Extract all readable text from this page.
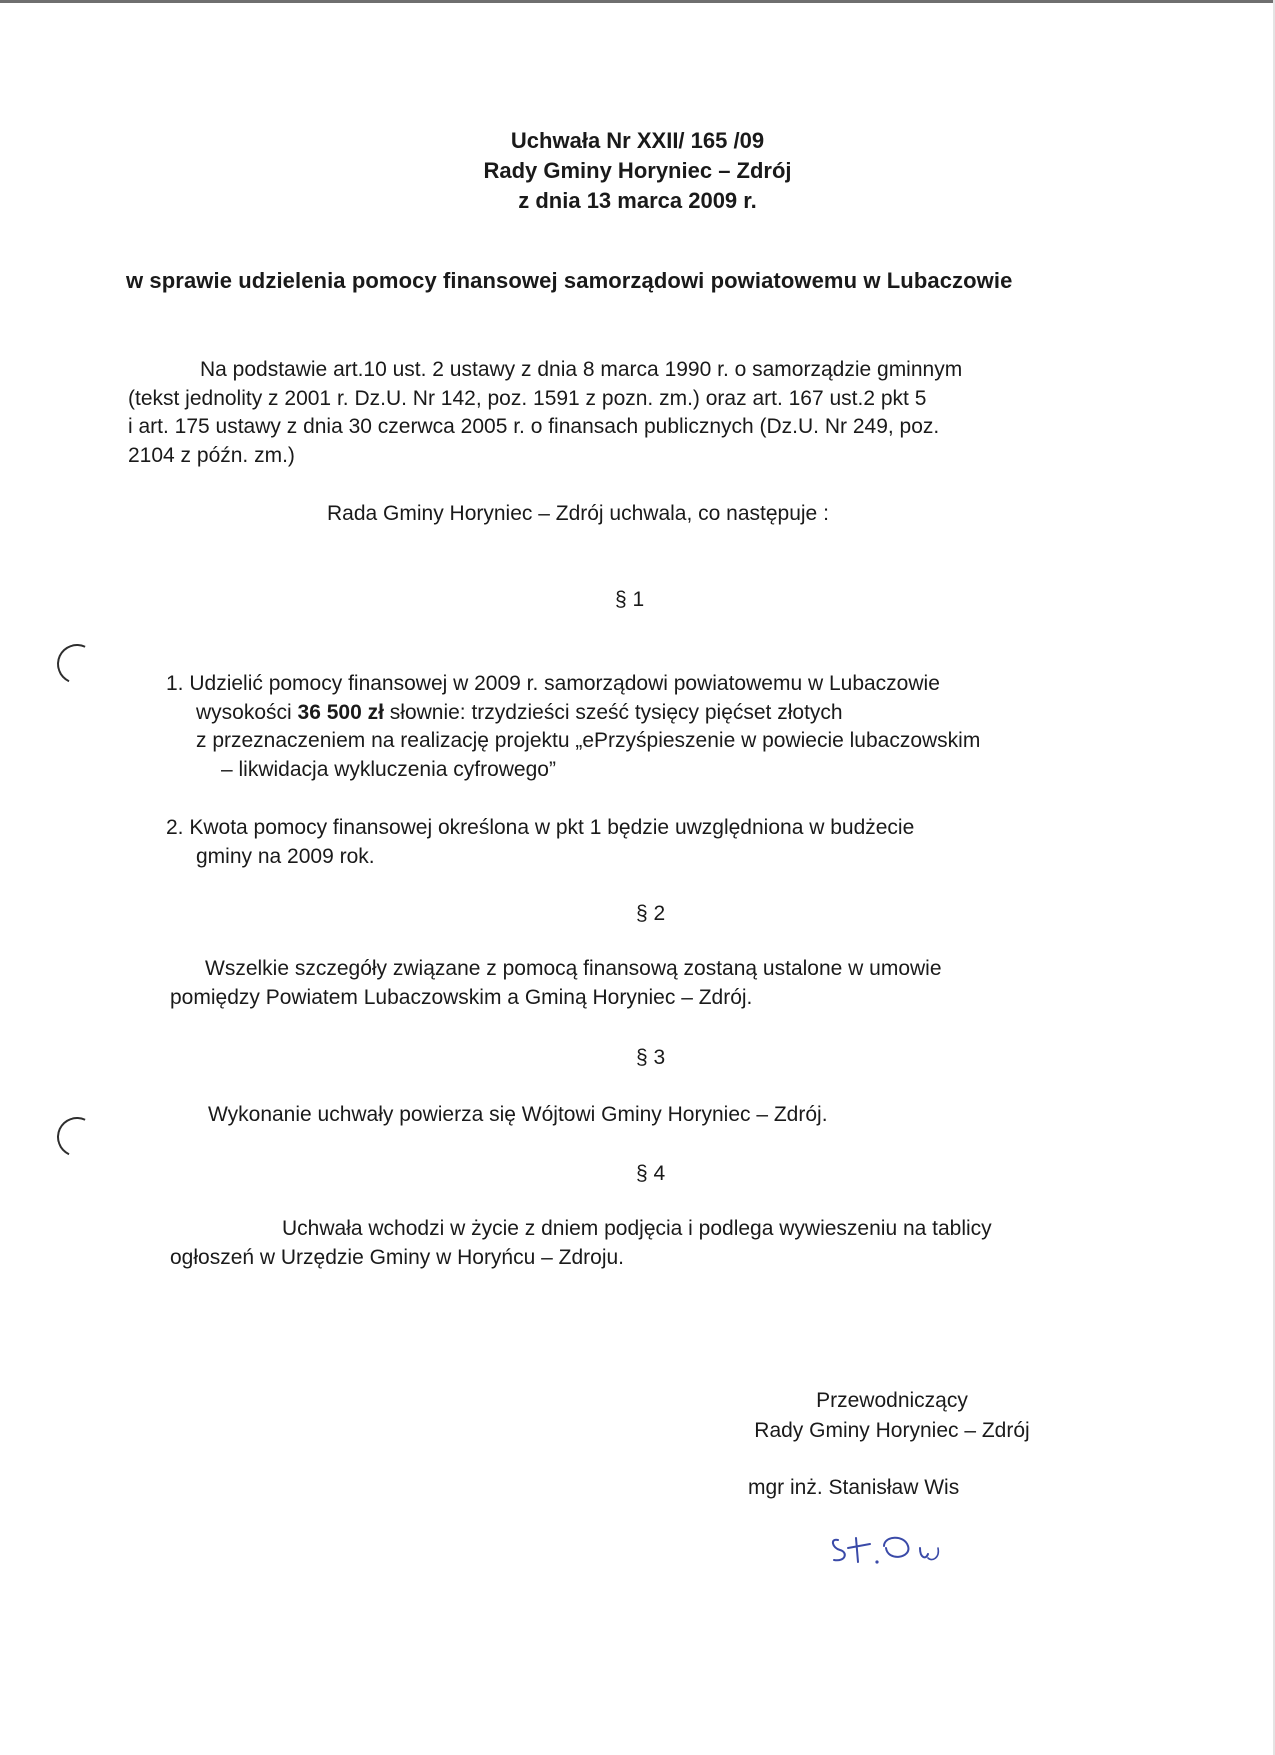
Uchwała Nr XXII/ 165 /09
Rady Gminy Horyniec – Zdrój
z dnia 13 marca 2009 r.
w sprawie udzielenia pomocy finansowej samorządowi powiatowemu w Lubaczowie
Na podstawie art.10 ust. 2 ustawy z dnia 8 marca 1990 r. o samorządzie gminnym
(tekst jednolity z 2001 r. Dz.U. Nr 142, poz. 1591 z pozn. zm.) oraz art. 167 ust.2 pkt 5
i art. 175 ustawy z dnia 30 czerwca 2005 r. o finansach publicznych (Dz.U. Nr 249, poz.
2104 z późn. zm.)
Rada Gminy Horyniec – Zdrój uchwala, co następuje :
§ 1
1. Udzielić pomocy finansowej w 2009 r. samorządowi powiatowemu w Lubaczowie
wysokości 36 500 zł słownie: trzydzieści sześć tysięcy pięćset złotych
z przeznaczeniem na realizację projektu „ePrzyśpieszenie w powiecie lubaczowskim
– likwidacja wykluczenia cyfrowego”
2. Kwota pomocy finansowej określona w pkt 1 będzie uwzględniona w budżecie
gminy na 2009 rok.
§ 2
Wszelkie szczegóły związane z pomocą finansową zostaną ustalone w umowie
pomiędzy Powiatem Lubaczowskim a Gminą Horyniec – Zdrój.
§ 3
Wykonanie uchwały powierza się Wójtowi Gminy Horyniec – Zdrój.
§ 4
Uchwała wchodzi w życie z dniem podjęcia i podlega wywieszeniu na tablicy
ogłoszeń w Urzędzie Gminy w Horyńcu – Zdroju.
Przewodniczący
Rady Gminy Horyniec – Zdrój
mgr inż. Stanisław Wis
